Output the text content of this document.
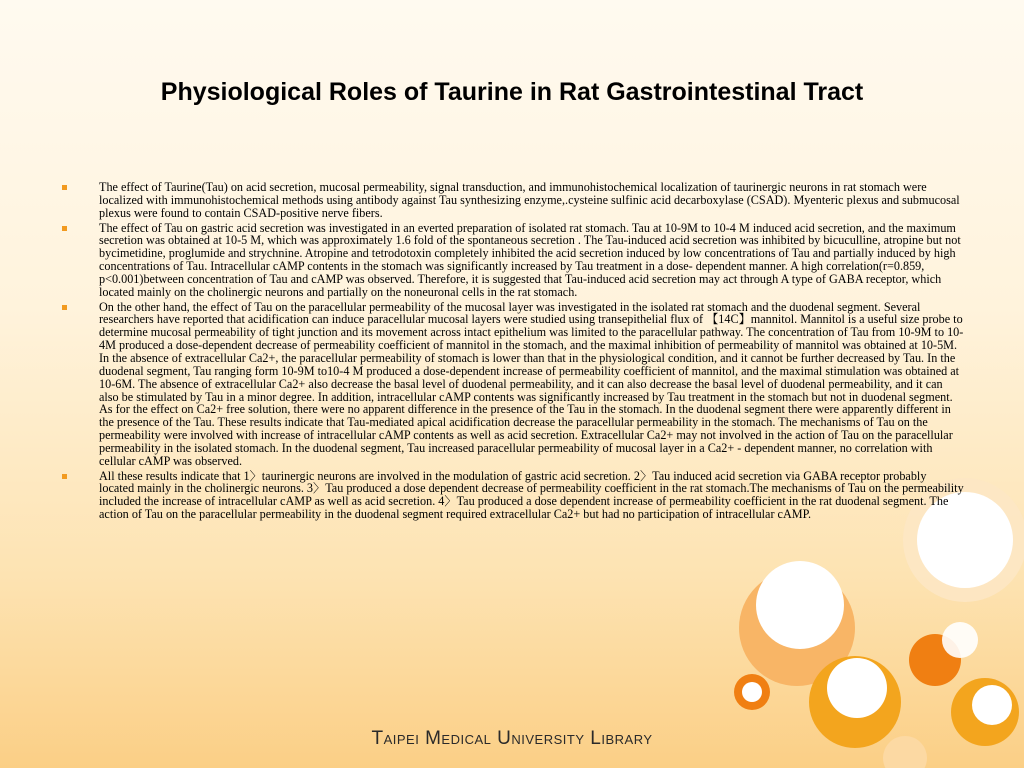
Physiological Roles of Taurine in Rat Gastrointestinal Tract
The effect of Taurine(Tau) on acid secretion, mucosal permeability, signal transduction, and immunohistochemical localization of taurinergic neurons in rat stomach were localized with immunohistochemical methods using antibody against Tau synthesizing enzyme,.cysteine sulfinic acid decarboxylase (CSAD). Myenteric plexus and submucosal plexus were found to contain CSAD-positive nerve fibers.
The effect of Tau on gastric acid secretion was investigated in an everted preparation of isolated rat stomach. Tau at 10-9M to 10-4 M induced acid secretion, and the maximum secretion was obtained at 10-5 M, which was approximately 1.6 fold of the spontaneous secretion . The Tau-induced acid secretion was inhibited by bicuculline, atropine but not bycimetidine, proglumide and strychnine. Atropine and tetrodotoxin completely inhibited the acid secretion induced by low concentrations of Tau and partially induced by high concentrations of Tau. Intracellular cAMP contents in the stomach was significantly increased by Tau treatment in a dose- dependent manner. A high correlation(r=0.859, p<0.001)between concentration of Tau and cAMP was observed. Therefore, it is suggested that Tau-induced acid secretion may act through A type of GABA receptor, which located mainly on the cholinergic neurons and partially on the noneuronal cells in the rat stomach.
On the other hand, the effect of Tau on the paracellular permeability of the mucosal layer was investigated in the isolated rat stomach and the duodenal segment. Several researchers have reported that acidification can induce paracellular mucosal layers were studied using transepithelial flux of 【14C】mannitol. Mannitol is a useful size probe to determine mucosal permeability of tight junction and its movement across intact epithelium was limited to the paracellular pathway. The concentration of Tau from 10-9M to 10-4M produced a dose-dependent decrease of permeability coefficient of mannitol in the stomach, and the maximal inhibition of permeability of mannitol was obtained at 10-5M. In the absence of extracellular Ca2+, the paracellular permeability of stomach is lower than that in the physiological condition, and it cannot be further decreased by Tau. In the duodenal segment, Tau ranging form 10-9M to10-4 M produced a dose-dependent increase of permeability coefficient of mannitol, and the maximal stimulation was obtained at 10-6M. The absence of extracellular Ca2+ also decrease the basal level of duodenal permeability, and it can also decrease the basal level of duodenal permeability, and it can also be stimulated by Tau in a minor degree. In addition, intracellular cAMP contents was significantly increased by Tau treatment in the stomach but not in duodenal segment. As for the effect on Ca2+ free solution, there were no apparent difference in the presence of the Tau in the stomach. In the duodenal segment there were apparently different in the presence of the Tau. These results indicate that Tau-mediated apical acidification decrease the paracellular permeability in the stomach. The mechanisms of Tau on the permeability were involved with increase of intracellular cAMP contents as well as acid secretion. Extracellular Ca2+ may not involved in the action of Tau on the paracellular permeability in the isolated stomach. In the duodenal segment, Tau increased paracellular permeability of mucosal layer in a Ca2+ - dependent manner, no correlation with cellular cAMP was observed.
All these results indicate that 1〉taurinergic neurons are involved in the modulation of gastric acid secretion. 2〉Tau induced acid secretion via GABA receptor probably located mainly in the cholinergic neurons. 3〉Tau produced a dose dependent decrease of permeability coefficient in the rat stomach.The mechanisms of Tau on the permeability included the increase of intracellular cAMP as well as acid secretion. 4〉Tau produced a dose dependent increase of permeability coefficient in the rat duodenal segment. The action of Tau on the paracellular permeability in the duodenal segment required extracellular Ca2+ but had no participation of intracellular cAMP.
Taipei Medical University Library
